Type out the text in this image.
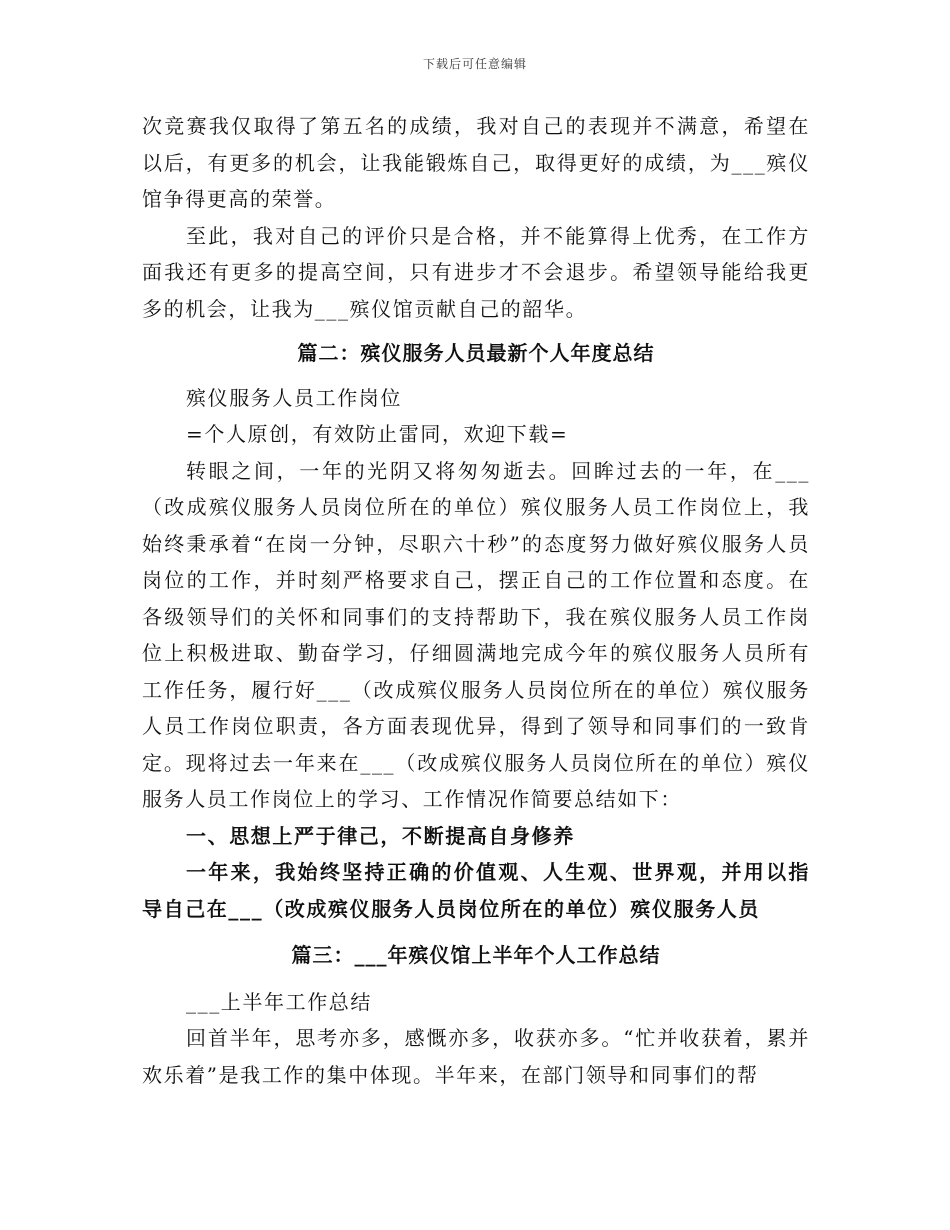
下载后可任意编辑

次竞赛我仅取得了第五名的成绩，我对自己的表现并不满意，希望在以后，有更多的机会，让我能锻炼自己，取得更好的成绩，为___殡仪馆争得更高的荣誉。

至此，我对自己的评价只是合格，并不能算得上优秀，在工作方面我还有更多的提高空间，只有进步才不会退步。希望领导能给我更多的机会，让我为___殡仪馆贡献自己的韶华。

篇二：殡仪服务人员最新个人年度总结

殡仪服务人员工作岗位

=个人原创，有效防止雷同，欢迎下载=

转眼之间，一年的光阴又将匆匆逝去。回眸过去的一年，在___（改成殡仪服务人员岗位所在的单位）殡仪服务人员工作岗位上，我始终秉承着“在岗一分钟，尽职六十秒”的态度努力做好殡仪服务人员岗位的工作，并时刻严格要求自己，摆正自己的工作位置和态度。在各级领导们的关怀和同事们的支持帮助下，我在殡仪服务人员工作岗位上积极进取、勤奋学习，仔细圆满地完成今年的殡仪服务人员所有工作任务，履行好___（改成殡仪服务人员岗位所在的单位）殡仪服务人员工作岗位职责，各方面表现优异，得到了领导和同事们的一致肯定。现将过去一年来在___（改成殡仪服务人员岗位所在的单位）殡仪服务人员工作岗位上的学习、工作情况作简要总结如下：

一、思想上严于律己，不断提高自身修养

一年来，我始终坚持正确的价值观、人生观、世界观，并用以指导自己在___（改成殡仪服务人员岗位所在的单位）殡仪服务人员

篇三：___年殡仪馆上半年个人工作总结

___上半年工作总结

回首半年，思考亦多，感慨亦多，收获亦多。“忙并收获着，累并欢乐着”是我工作的集中体现。半年来，在部门领导和同事们的帮
